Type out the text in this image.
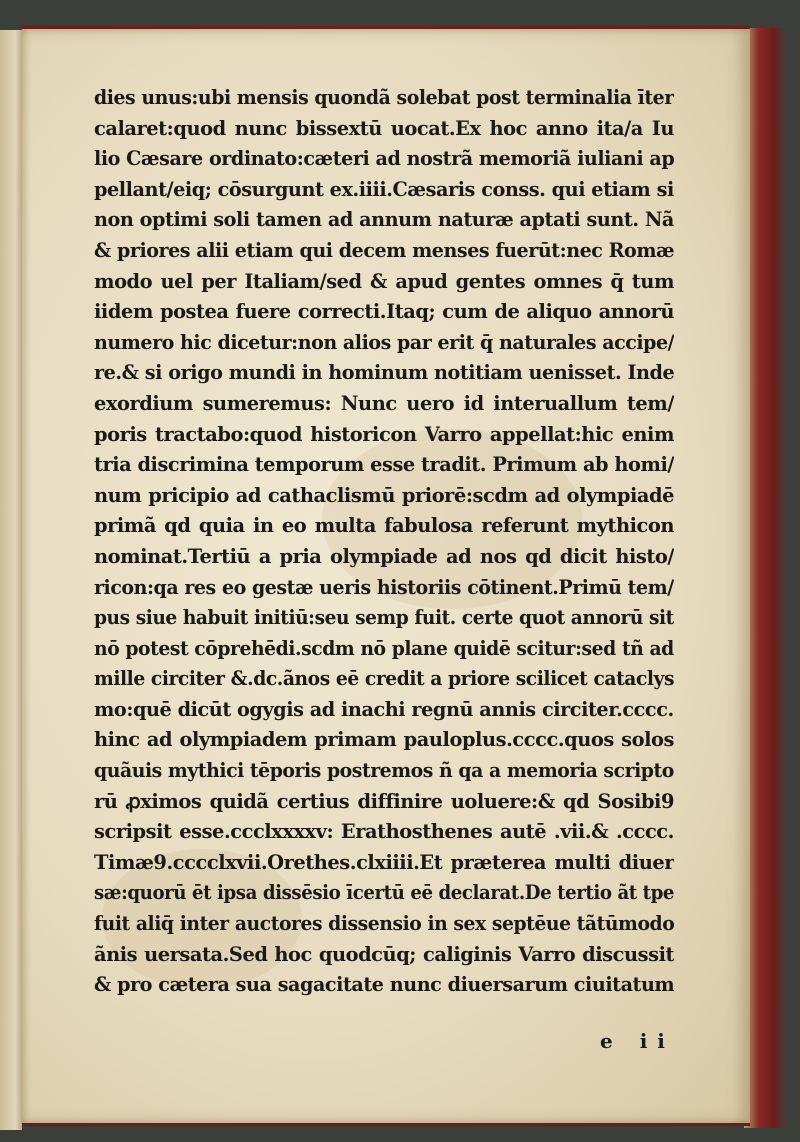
dies unus:ubi mensis quondã solebat post terminalia īter
calaret:quod nunc bissextū uocat.Ex hoc anno ita/a Iu
lio Cæsare ordinato:cæteri ad nostrã memoriã iuliani ap
pellant/eiq; cōsurgunt ex.iiii.Cæsaris conss. qui etiam si
non optimi soli tamen ad annum naturæ aptati sunt. Nã
& priores alii etiam qui decem menses fuerūt:nec Romæ
modo uel per Italiam/sed & apud gentes omnes q̄ tum
iidem postea fuere correcti.Itaq; cum de aliquo annorū
numero hic dicetur:non alios par erit q̄ naturales accipe/
re.& si origo mundi in hominum notitiam uenisset. Inde
exordium sumeremus: Nunc uero id interuallum tem/
poris tractabo:quod historicon Varro appellat:hic enim
tria discrimina temporum esse tradit. Primum ab homi/
num pricipio ad cathaclismū priorē:scdm ad olympiadē
primã qd quia in eo multa fabulosa referunt mythicon
nominat.Tertiū a pria olympiade ad nos qd dicit histo/
ricon:qa res eo gestæ ueris historiis cōtinent.Primū tem/
pus siue habuit initiū:seu semp fuit. certe quot annorū sit
nō potest cōprehēdi.scdm nō plane quidē scitur:sed tñ ad
mille circiter &.dc.ãnos eē credit a priore scilicet cataclys
mo:quē dicūt ogygis ad inachi regnū annis circiter.cccc.
hinc ad olympiadem primam pauloplus.cccc.quos solos
quãuis mythici tēporis postremos ñ qa a memoria scripto
rū ꝓximos quidã certius diffinire uoluere:& qd Sosibi9
scripsit esse.ccclxxxxv: Erathosthenes autē .vii.& .cccc.
Timæ9.cccclxvii.Orethes.clxiiii.Et præterea multi diuer
sæ:quorū ēt ipsa dissēsio īcertū eē declarat.De tertio ãt tpe
fuit aliq̄ inter auctores dissensio in sex septēue tãtūmodo
ãnis uersata.Sed hoc quodcūq; caliginis Varro discussit
& pro cætera sua sagacitate nunc diuersarum ciuitatum
e ii
